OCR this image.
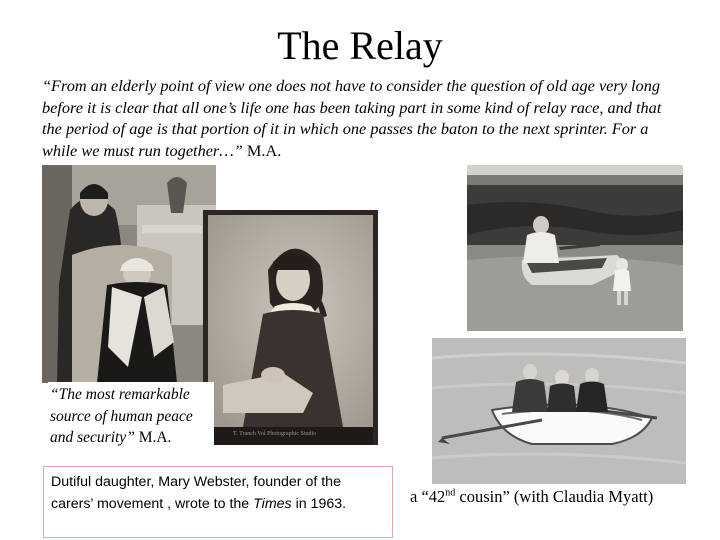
The Relay
“From an elderly point of view one does not have to consider the question of old age very long before it is clear that all one’s life one has been taking part in some kind of relay race, and that the period of age is that portion of it in which one passes the baton to the next sprinter. For a while we must run together…” M.A.
T. Tranch Vol Photographic Studio
“The most remarkable source of human peace and security” M.A.
Dutiful daughter, Mary Webster, founder of the carers’ movement , wrote to the Times in 1963.	a “42nd cousin” (with Claudia Myatt)
